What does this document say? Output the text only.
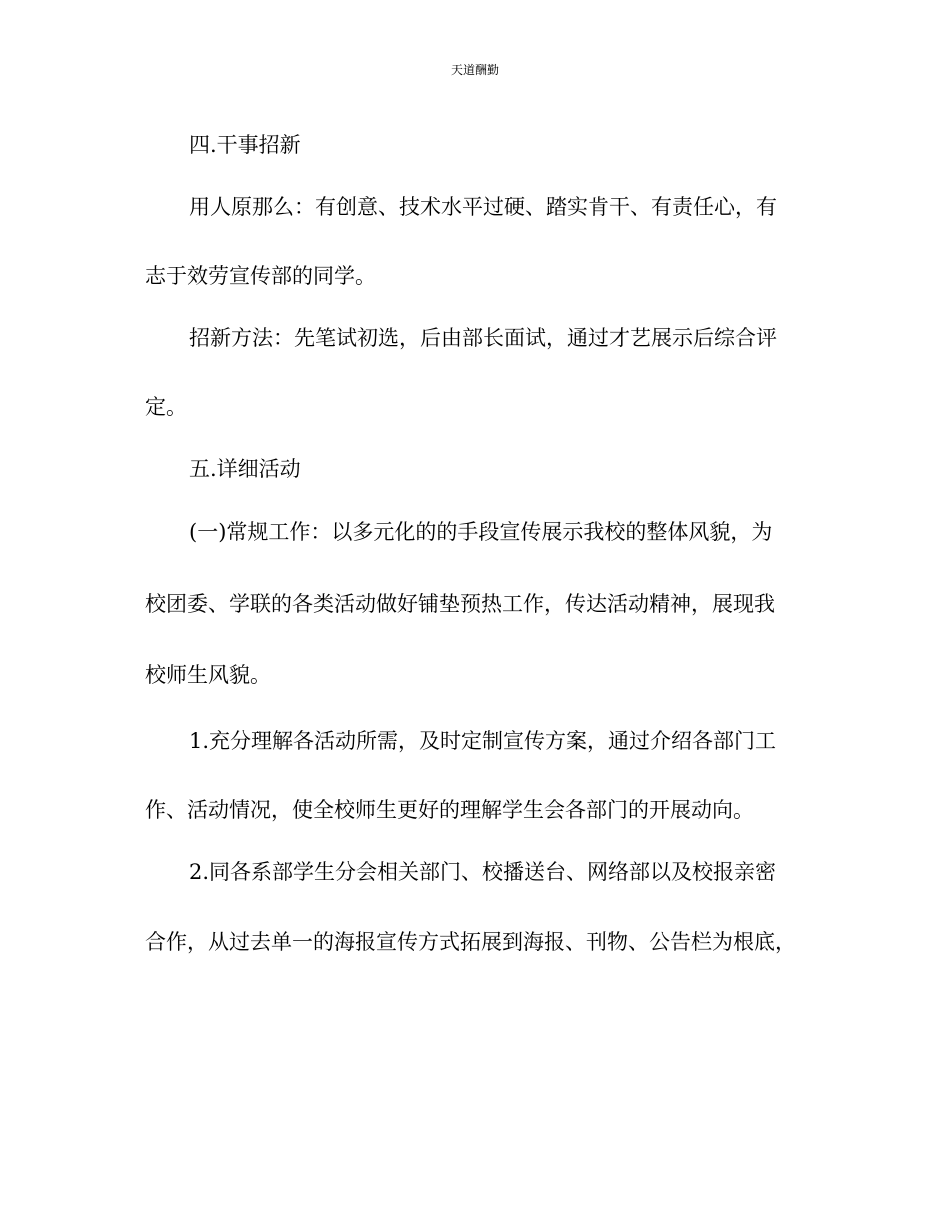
天道酬勤
四.干事招新
用人原那么：有创意、技术水平过硬、踏实肯干、有责任心，有
志于效劳宣传部的同学。
招新方法：先笔试初选，后由部长面试，通过才艺展示后综合评
定。
五.详细活动
(一)常规工作：以多元化的的手段宣传展示我校的整体风貌，为
校团委、学联的各类活动做好铺垫预热工作，传达活动精神，展现我
校师生风貌。
1.充分理解各活动所需，及时定制宣传方案，通过介绍各部门工
作、活动情况，使全校师生更好的理解学生会各部门的开展动向。
2.同各系部学生分会相关部门、校播送台、网络部以及校报亲密
合作，从过去单一的海报宣传方式拓展到海报、刊物、公告栏为根底，
